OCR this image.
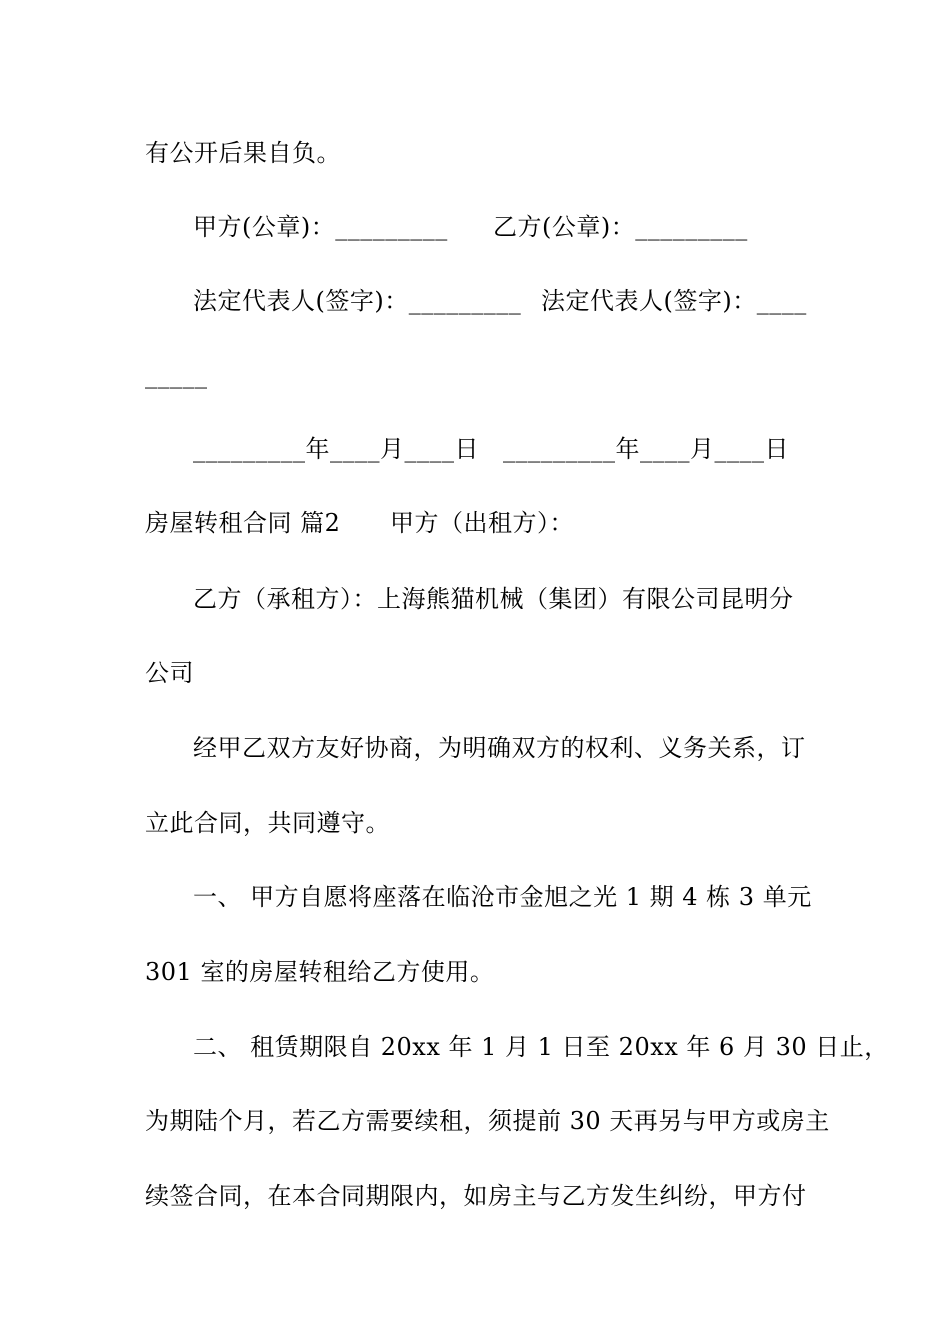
有公开后果自负。
甲方(公章)：_________ 乙方(公章)：_________
法定代表人(签字)：_________ 法定代表人(签字)：____
_____
_________年____月____日 _________年____月____日
房屋转租合同 篇2 甲方（出租方）：
乙方（承租方）：上海熊猫机械（集团）有限公司昆明分
公司
经甲乙双方友好协商，为明确双方的权利、义务关系，订
立此合同，共同遵守。
一、 甲方自愿将座落在临沧市金旭之光 1 期 4 栋 3 单元
301 室的房屋转租给乙方使用。
二、 租赁期限自 20xx 年 1 月 1 日至 20xx 年 6 月 30 日止，
为期陆个月，若乙方需要续租，须提前 30 天再另与甲方或房主
续签合同，在本合同期限内，如房主与乙方发生纠纷，甲方付
